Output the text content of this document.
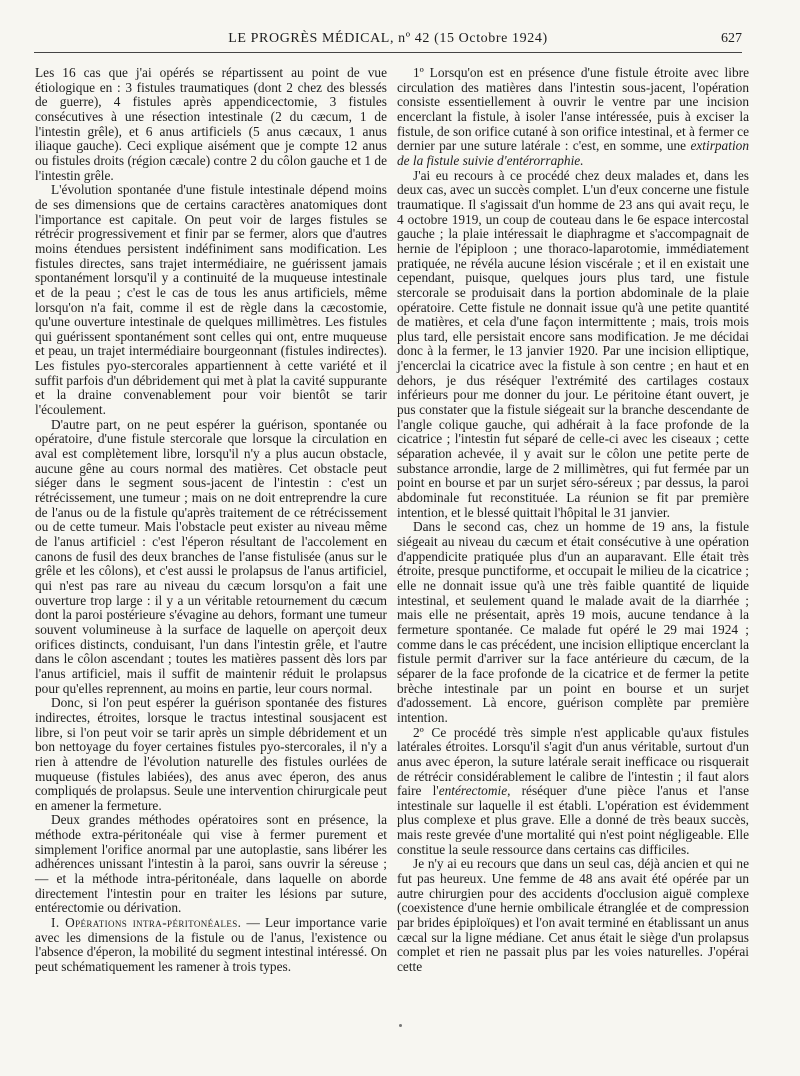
LE PROGRÈS MÉDICAL, nº 42 (15 Octobre 1924)	627

Les 16 cas que j'ai opérés se répartissent au point de vue étiologique en : 3 fistules traumatiques (dont 2 chez des blessés de guerre), 4 fistules après appendicectomie, 3 fistules consécutives à une résection intestinale (2 du cæcum, 1 de l'intestin grêle), et 6 anus artificiels (5 anus cæcaux, 1 anus iliaque gauche). Ceci explique aisément que je compte 12 anus ou fistules droits (région cæcale) contre 2 du côlon gauche et 1 de l'intestin grêle.

L'évolution spontanée d'une fistule intestinale dépend moins de ses dimensions que de certains caractères anatomiques dont l'importance est capitale. On peut voir de larges fistules se rétrécir progressivement et finir par se fermer, alors que d'autres moins étendues persistent indéfiniment sans modification. Les fistules directes, sans trajet intermédiaire, ne guérissent jamais spontanément lorsqu'il y a continuité de la muqueuse intestinale et de la peau ; c'est le cas de tous les anus artificiels, même lorsqu'on n'a fait, comme il est de règle dans la cæcostomie, qu'une ouverture intestinale de quelques millimètres. Les fistules qui guérissent spontanément sont celles qui ont, entre muqueuse et peau, un trajet intermédiaire bourgeonnant (fistules indirectes). Les fistules pyo-stercorales appartiennent à cette variété et il suffit parfois d'un débridement qui met à plat la cavité suppurante et la draine convenablement pour voir bientôt se tarir l'écoulement.

D'autre part, on ne peut espérer la guérison, spontanée ou opératoire, d'une fistule stercorale que lorsque la circulation en aval est complètement libre, lorsqu'il n'y a plus aucun obstacle, aucune gêne au cours normal des matières. Cet obstacle peut siéger dans le segment sous-jacent de l'intestin : c'est un rétrécissement, une tumeur ; mais on ne doit entreprendre la cure de l'anus ou de la fistule qu'après traitement de ce rétrécissement ou de cette tumeur. Mais l'obstacle peut exister au niveau même de l'anus artificiel : c'est l'éperon résultant de l'accolement en canons de fusil des deux branches de l'anse fistulisée (anus sur le grêle et les côlons), et c'est aussi le prolapsus de l'anus artificiel, qui n'est pas rare au niveau du cæcum lorsqu'on a fait une ouverture trop large : il y a un véritable retournement du cæcum dont la paroi postérieure s'évagine au dehors, formant une tumeur souvent volumineuse à la surface de laquelle on aperçoit deux orifices distincts, conduisant, l'un dans l'intestin grêle, et l'autre dans le côlon ascendant ; toutes les matières passent dès lors par l'anus artificiel, mais il suffit de maintenir réduit le prolapsus pour qu'elles reprennent, au moins en partie, leur cours normal.

Donc, si l'on peut espérer la guérison spontanée des fistures indirectes, étroites, lorsque le tractus intestinal sousjacent est libre, si l'on peut voir se tarir après un simple débridement et un bon nettoyage du foyer certaines fistules pyo-stercorales, il n'y a rien à attendre de l'évolution naturelle des fistules ourlées de muqueuse (fistules labiées), des anus avec éperon, des anus compliqués de prolapsus. Seule une intervention chirurgicale peut en amener la fermeture.

Deux grandes méthodes opératoires sont en présence, la méthode extra-péritonéale qui vise à fermer purement et simplement l'orifice anormal par une autoplastie, sans libérer les adhérences unissant l'intestin à la paroi, sans ouvrir la séreuse ; — et la méthode intra-péritonéale, dans laquelle on aborde directement l'intestin pour en traiter les lésions par suture, entérectomie ou dérivation.

I. Opérations intra-péritonéales. — Leur importance varie avec les dimensions de la fistule ou de l'anus, l'existence ou l'absence d'éperon, la mobilité du segment intestinal intéressé. On peut schématiquement les ramener à trois types.

1º Lorsqu'on est en présence d'une fistule étroite avec libre circulation des matières dans l'intestin sous-jacent, l'opération consiste essentiellement à ouvrir le ventre par une incision encerclant la fistule, à isoler l'anse intéressée, puis à exciser la fistule, de son orifice cutané à son orifice intestinal, et à fermer ce dernier par une suture latérale : c'est, en somme, une extirpation de la fistule suivie d'entérorraphie.

J'ai eu recours à ce procédé chez deux malades et, dans les deux cas, avec un succès complet. L'un d'eux concerne une fistule traumatique. Il s'agissait d'un homme de 23 ans qui avait reçu, le 4 octobre 1919, un coup de couteau dans le 6e espace intercostal gauche ; la plaie intéressait le diaphragme et s'accompagnait de hernie de l'épiploon ; une thoraco-laparotomie, immédiatement pratiquée, ne révéla aucune lésion viscérale ; et il en existait une cependant, puisque, quelques jours plus tard, une fistule stercorale se produisait dans la portion abdominale de la plaie opératoire. Cette fistule ne donnait issue qu'à une petite quantité de matières, et cela d'une façon intermittente ; mais, trois mois plus tard, elle persistait encore sans modification. Je me décidai donc à la fermer, le 13 janvier 1920. Par une incision elliptique, j'encerclai la cicatrice avec la fistule à son centre ; en haut et en dehors, je dus réséquer l'extrémité des cartilages costaux inférieurs pour me donner du jour. Le péritoine étant ouvert, je pus constater que la fistule siégeait sur la branche descendante de l'angle colique gauche, qui adhérait à la face profonde de la cicatrice ; l'intestin fut séparé de celle-ci avec les ciseaux ; cette séparation achevée, il y avait sur le côlon une petite perte de substance arrondie, large de 2 millimètres, qui fut fermée par un point en bourse et par un surjet séro-séreux ; par dessus, la paroi abdominale fut reconstituée. La réunion se fit par première intention, et le blessé quittait l'hôpital le 31 janvier.

Dans le second cas, chez un homme de 19 ans, la fistule siégeait au niveau du cæcum et était consécutive à une opération d'appendicite pratiquée plus d'un an auparavant. Elle était très étroite, presque punctiforme, et occupait le milieu de la cicatrice ; elle ne donnait issue qu'à une très faible quantité de liquide intestinal, et seulement quand le malade avait de la diarrhée ; mais elle ne présentait, après 19 mois, aucune tendance à la fermeture spontanée. Ce malade fut opéré le 29 mai 1924 ; comme dans le cas précédent, une incision elliptique encerclant la fistule permit d'arriver sur la face antérieure du cæcum, de la séparer de la face profonde de la cicatrice et de fermer la petite brèche intestinale par un point en bourse et un surjet d'adossement. Là encore, guérison complète par première intention.

2º Ce procédé très simple n'est applicable qu'aux fistules latérales étroites. Lorsqu'il s'agit d'un anus véritable, surtout d'un anus avec éperon, la suture latérale serait inefficace ou risquerait de rétrécir considérablement le calibre de l'intestin ; il faut alors faire l'entérectomie, réséquer d'une pièce l'anus et l'anse intestinale sur laquelle il est établi. L'opération est évidemment plus complexe et plus grave. Elle a donné de très beaux succès, mais reste grevée d'une mortalité qui n'est point négligeable. Elle constitue la seule ressource dans certains cas difficiles.

Je n'y ai eu recours que dans un seul cas, déjà ancien et qui ne fut pas heureux. Une femme de 48 ans avait été opérée par un autre chirurgien pour des accidents d'occlusion aiguë complexe (coexistence d'une hernie ombilicale étranglée et de compression par brides épiploïques) et l'on avait terminé en établissant un anus cæcal sur la ligne médiane. Cet anus était le siège d'un prolapsus complet et rien ne passait plus par les voies naturelles. J'opérai cette
